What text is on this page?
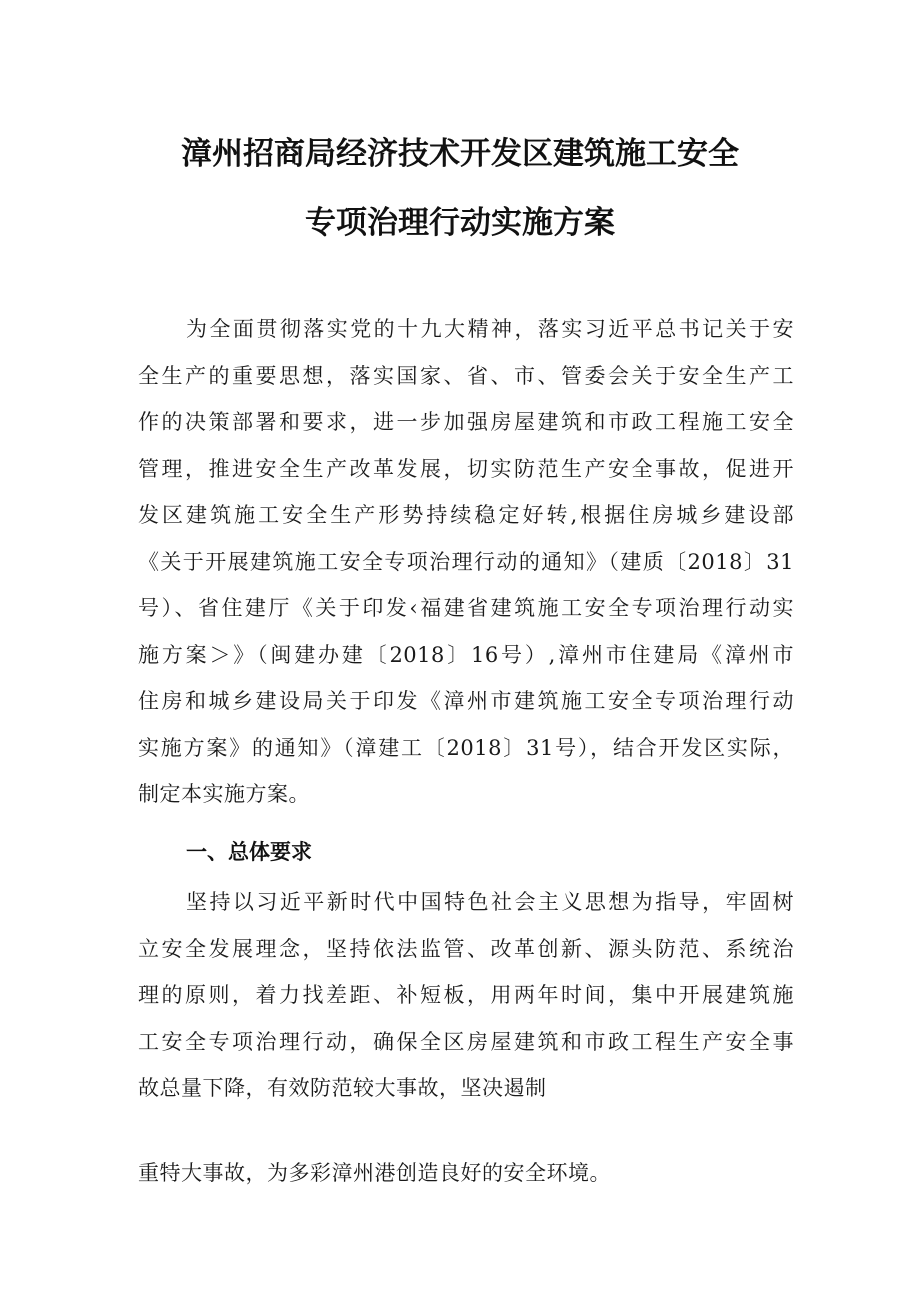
漳州招商局经济技术开发区建筑施工安全
专项治理行动实施方案
为全面贯彻落实党的十九大精神，落实习近平总书记关于安
全生产的重要思想，落实国家、省、市、管委会关于安全生产工
作的决策部署和要求，进一步加强房屋建筑和市政工程施工安全
管理，推进安全生产改革发展，切实防范生产安全事故，促进开
发区建筑施工安全生产形势持续稳定好转,根据住房城乡建设部
《关于开展建筑施工安全专项治理行动的通知》（建质〔2018〕31
号）、省住建厅《关于印发‹福建省建筑施工安全专项治理行动实
施方案＞》（闽建办建〔2018〕16号）,漳州市住建局《漳州市
住房和城乡建设局关于印发《漳州市建筑施工安全专项治理行动
实施方案》的通知》（漳建工〔2018〕31号），结合开发区实际，
制定本实施方案。
一、总体要求
坚持以习近平新时代中国特色社会主义思想为指导，牢固树
立安全发展理念，坚持依法监管、改革创新、源头防范、系统治
理的原则，着力找差距、补短板，用两年时间，集中开展建筑施
工安全专项治理行动，确保全区房屋建筑和市政工程生产安全事
故总量下降，有效防范较大事故，坚决遏制
重特大事故，为多彩漳州港创造良好的安全环境。
